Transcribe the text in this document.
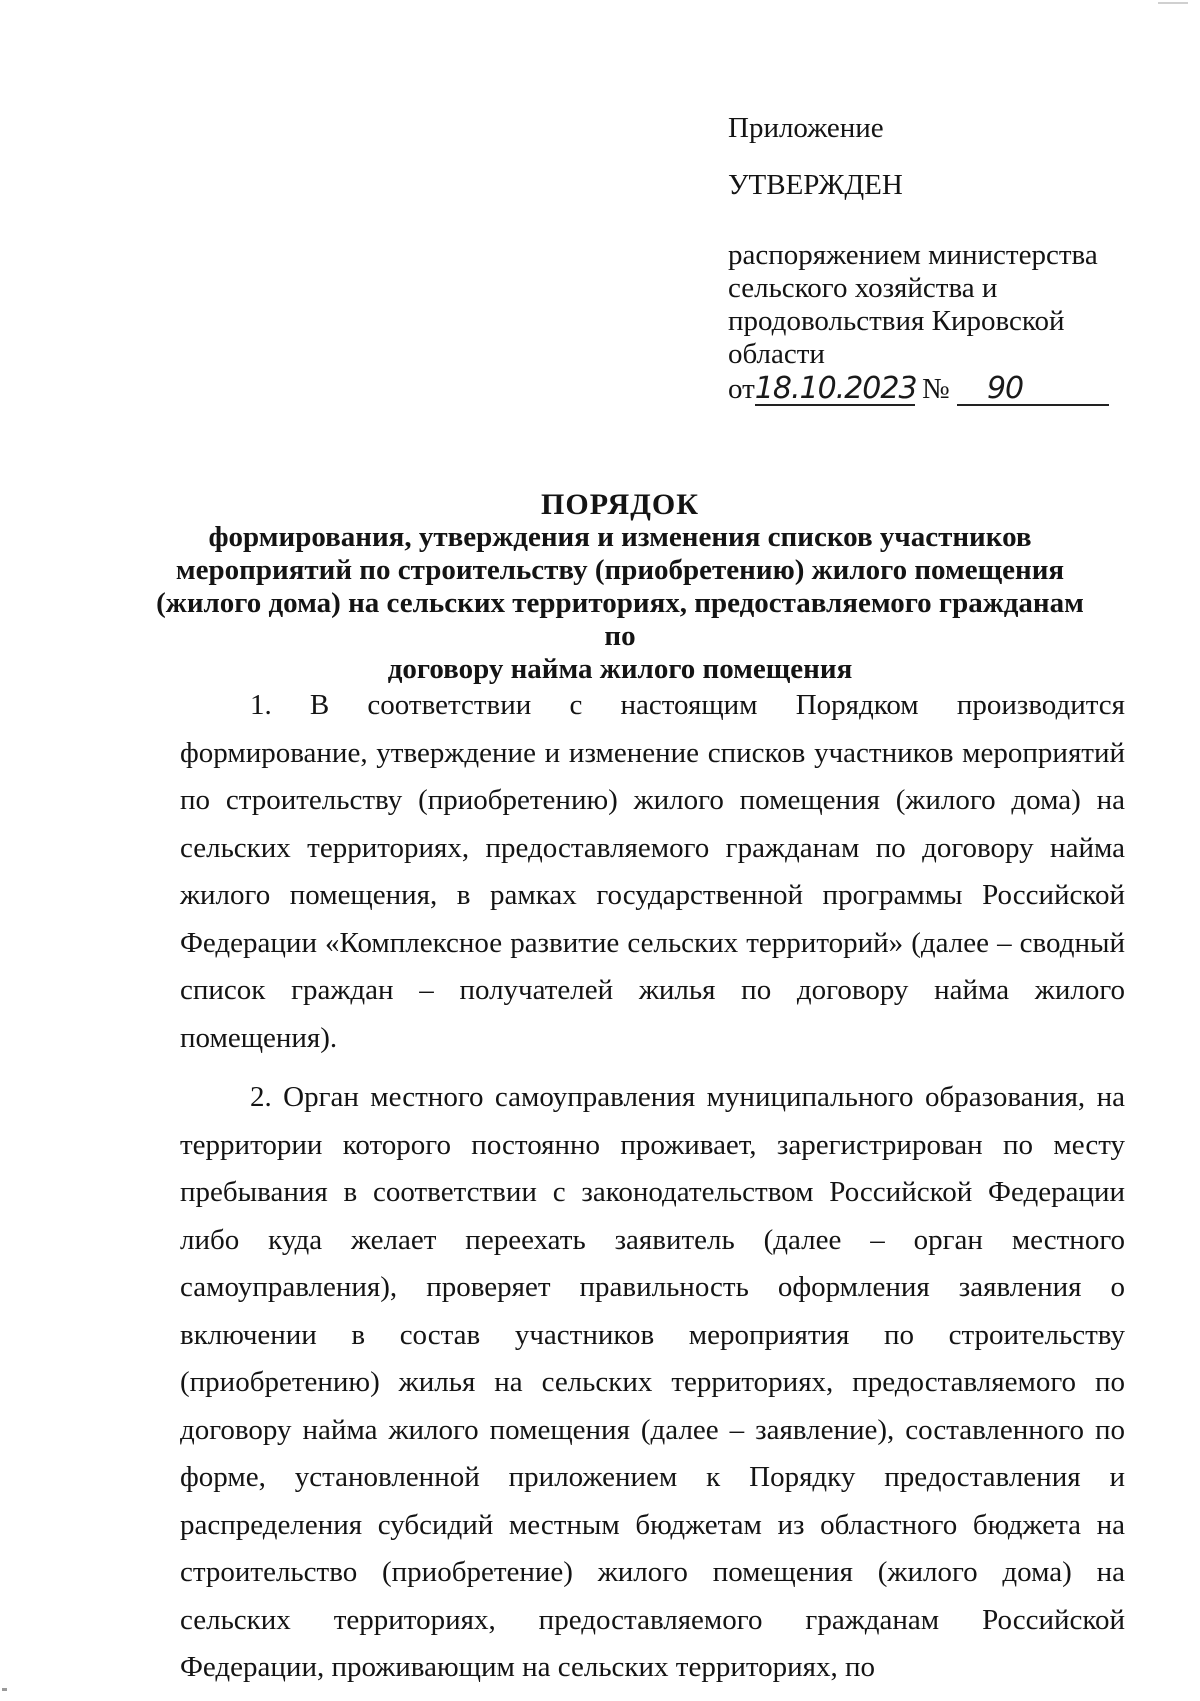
Приложение
УТВЕРЖДЕН
распоряжением министерства
сельского хозяйства и
продовольствия Кировской
области
от18.10.2023 № 90
ПОРЯДОК
формирования, утверждения и изменения списков участников
мероприятий по строительству (приобретению) жилого помещения
(жилого дома) на сельских территориях, предоставляемого гражданам по
договору найма жилого помещения

1. В соответствии с настоящим Порядком производится формирование, утверждение и изменение списков участников мероприятий по строительству (приобретению) жилого помещения (жилого дома) на сельских территориях, предоставляемого гражданам по договору найма жилого помещения, в рамках государственной программы Российской Федерации «Комплексное развитие сельских территорий» (далее – сводный список граждан – получателей жилья по договору найма жилого помещения).

2. Орган местного самоуправления муниципального образования, на территории которого постоянно проживает, зарегистрирован по месту пребывания в соответствии с законодательством Российской Федерации либо куда желает переехать заявитель (далее – орган местного самоуправления), проверяет правильность оформления заявления о включении в состав участников мероприятия по строительству (приобретению) жилья на сельских территориях, предоставляемого по договору найма жилого помещения (далее – заявление), составленного по форме, установленной приложением к Порядку предоставления и распределения субсидий местным бюджетам из областного бюджета на строительство (приобретение) жилого помещения (жилого дома) на сельских территориях, предоставляемого гражданам Российской Федерации, проживающим на сельских территориях, по
